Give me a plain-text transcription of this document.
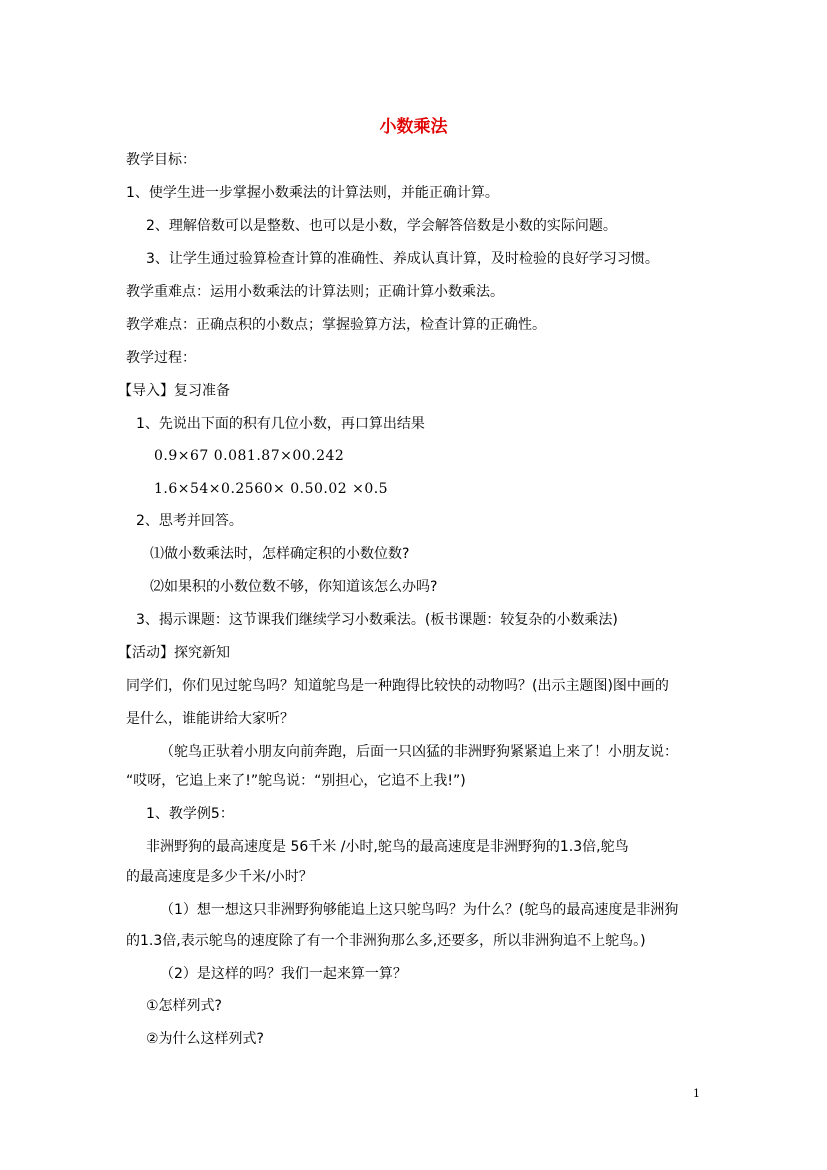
小数乘法
教学目标：
1、使学生进一步掌握小数乘法的计算法则，并能正确计算。
2、理解倍数可以是整数、也可以是小数，学会解答倍数是小数的实际问题。
3、让学生通过验算检查计算的准确性、养成认真计算，及时检验的良好学习习惯。
教学重难点：运用小数乘法的计算法则；正确计算小数乘法。
教学难点：正确点积的小数点；掌握验算方法，检查计算的正确性。
教学过程：
【导入】复习准备
1、先说出下面的积有几位小数，再口算出结果
0.9×67 0.081.87×00.242
1.6×54×0.2560× 0.50.02 ×0.5
2、思考并回答。
⑴做小数乘法时，怎样确定积的小数位数?
⑵如果积的小数位数不够，你知道该怎么办吗?
3、揭示课题：这节课我们继续学习小数乘法。(板书课题：较复杂的小数乘法)
【活动】探究新知
同学们，你们见过鸵鸟吗？知道鸵鸟是一种跑得比较快的动物吗？(出示主题图)图中画的
是什么，谁能讲给大家听？
（鸵鸟正驮着小朋友向前奔跑，后面一只凶猛的非洲野狗紧紧追上来了！小朋友说：
“哎呀，它追上来了!”鸵鸟说：“别担心，它追不上我!”)
1、教学例5：
非洲野狗的最高速度是 56千米 /小时,鸵鸟的最高速度是非洲野狗的1.3倍,鸵鸟
的最高速度是多少千米/小时？
（1）想一想这只非洲野狗够能追上这只鸵鸟吗？为什么？(鸵鸟的最高速度是非洲狗
的1.3倍,表示鸵鸟的速度除了有一个非洲狗那么多,还要多，所以非洲狗追不上鸵鸟。)
（2）是这样的吗？我们一起来算一算？
①怎样列式?
②为什么这样列式?
1
